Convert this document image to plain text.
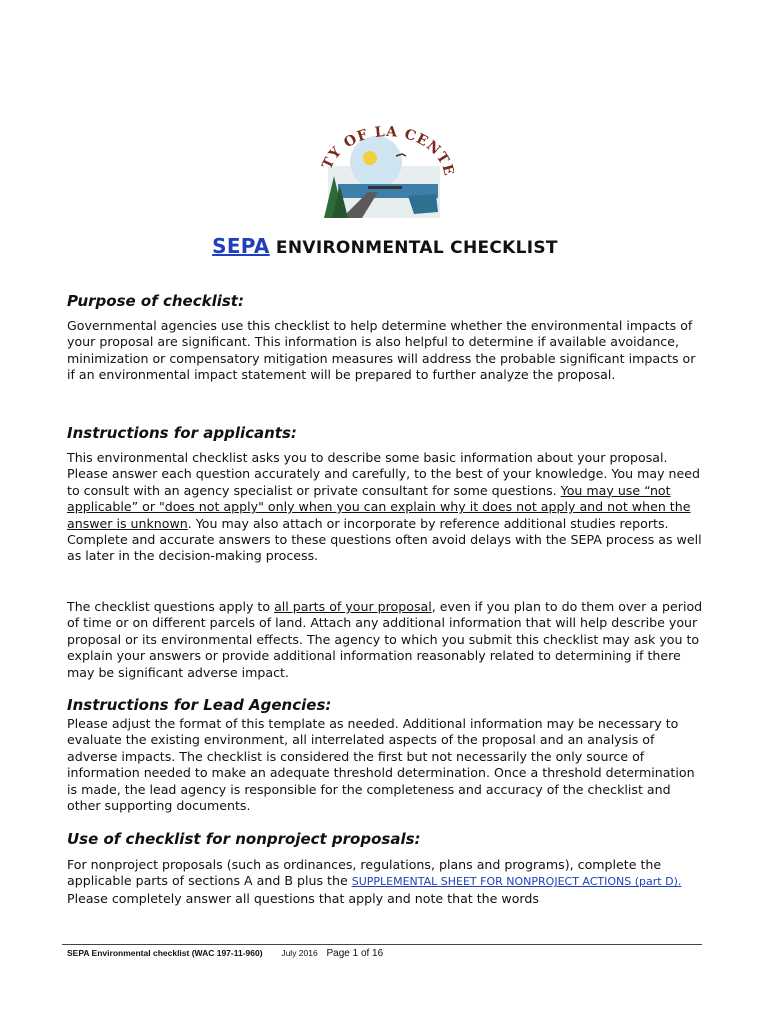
TY OF LA CENT
SEPA ENVIRONMENTAL CHECKLIST
Purpose of checklist:
Governmental agencies use this checklist to help determine whether the environmental impacts of your proposal are significant. This information is also helpful to determine if available avoidance, minimization or compensatory mitigation measures will address the probable significant impacts or if an environmental impact statement will be prepared to further analyze the proposal.
Instructions for applicants:
This environmental checklist asks you to describe some basic information about your proposal. Please answer each question accurately and carefully, to the best of your knowledge. You may need to consult with an agency specialist or private consultant for some questions. You may use “not applicable” or "does not apply" only when you can explain why it does not apply and not when the answer is unknown. You may also attach or incorporate by reference additional studies reports. Complete and accurate answers to these questions often avoid delays with the SEPA process as well as later in the decision-making process.
The checklist questions apply to all parts of your proposal, even if you plan to do them over a period of time or on different parcels of land. Attach any additional information that will help describe your proposal or its environmental effects. The agency to which you submit this checklist may ask you to explain your answers or provide additional information reasonably related to determining if there may be significant adverse impact.
Instructions for Lead Agencies:
Please adjust the format of this template as needed. Additional information may be necessary to evaluate the existing environment, all interrelated aspects of the proposal and an analysis of adverse impacts. The checklist is considered the first but not necessarily the only source of information needed to make an adequate threshold determination. Once a threshold determination is made, the lead agency is responsible for the completeness and accuracy of the checklist and other supporting documents.
Use of checklist for nonproject proposals:
For nonproject proposals (such as ordinances, regulations, plans and programs), complete the applicable parts of sections A and B plus the SUPPLEMENTAL SHEET FOR NONPROJECT ACTIONS (part D). Please completely answer all questions that apply and note that the words
SEPA Environmental checklist (WAC 197-11-960) July 2016 Page 1 of 16
